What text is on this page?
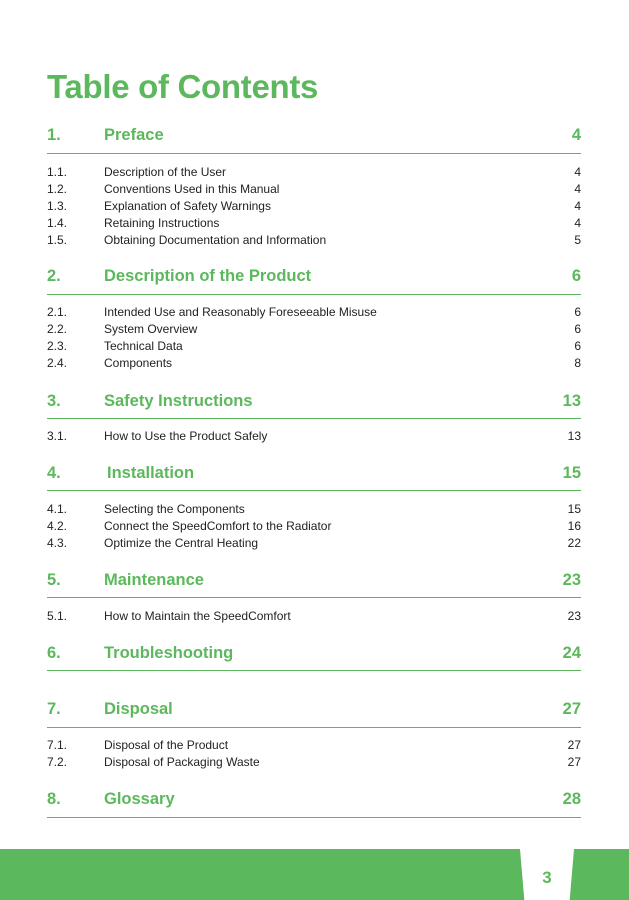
Table of Contents
1.	Preface	4
1.1.	Description of the User	4
1.2.	Conventions Used in this Manual	4
1.3.	Explanation of Safety Warnings	4
1.4.	Retaining Instructions	4
1.5.	Obtaining Documentation and Information	5
2.	Description of the Product	6
2.1.	Intended Use and Reasonably Foreseeable Misuse	6
2.2.	System Overview	6
2.3.	Technical Data	6
2.4.	Components	8
3.	Safety Instructions	13
3.1.	How to Use the Product Safely	13
4.	Installation	15
4.1.	Selecting the Components	15
4.2.	Connect the SpeedComfort to the Radiator	16
4.3.	Optimize the Central Heating	22
5.	Maintenance	23
5.1.	How to Maintain the SpeedComfort	23
6.	Troubleshooting	24
7.	Disposal	27
7.1.	Disposal of the Product	27
7.2.	Disposal of Packaging Waste	27
8.	Glossary	28
3
